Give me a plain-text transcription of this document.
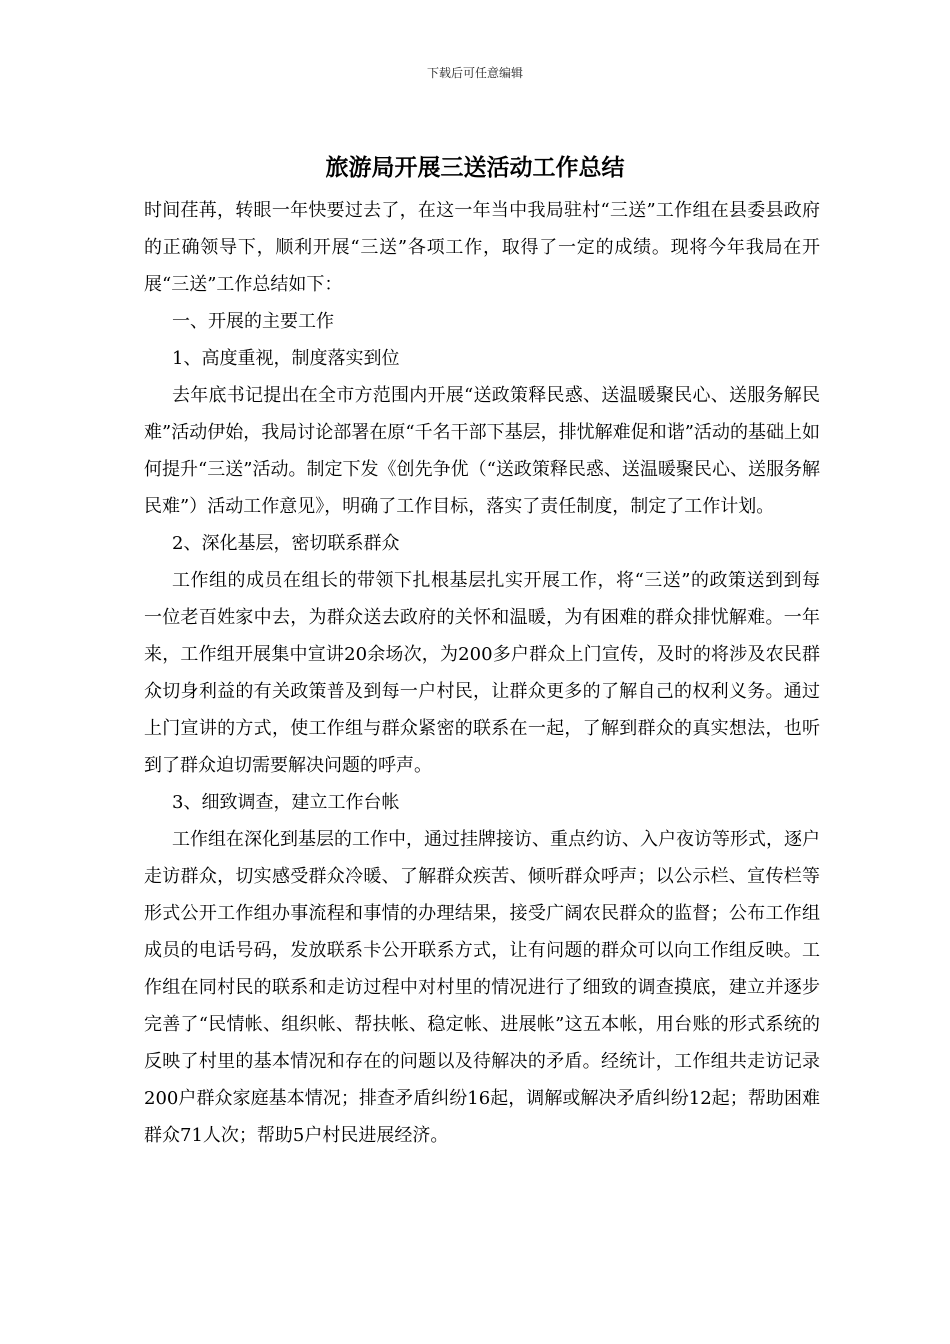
下载后可任意编辑
旅游局开展三送活动工作总结

时间荏苒，转眼一年快要过去了，在这一年当中我局驻村“三送”工作组在县委县政府的正确领导下，顺利开展“三送”各项工作，取得了一定的成绩。现将今年我局在开展“三送”工作总结如下：

一、开展的主要工作

1、高度重视，制度落实到位

去年底书记提出在全市方范围内开展“送政策释民惑、送温暖聚民心、送服务解民难”活动伊始，我局讨论部署在原“千名干部下基层，排忧解难促和谐”活动的基础上如何提升“三送”活动。制定下发《创先争优（“送政策释民惑、送温暖聚民心、送服务解民难”）活动工作意见》，明确了工作目标，落实了责任制度，制定了工作计划。

2、深化基层，密切联系群众

工作组的成员在组长的带领下扎根基层扎实开展工作，将“三送”的政策送到到每一位老百姓家中去，为群众送去政府的关怀和温暖，为有困难的群众排忧解难。一年来，工作组开展集中宣讲20余场次，为200多户群众上门宣传，及时的将涉及农民群众切身利益的有关政策普及到每一户村民，让群众更多的了解自己的权利义务。通过上门宣讲的方式，使工作组与群众紧密的联系在一起，了解到群众的真实想法，也听到了群众迫切需要解决问题的呼声。

3、细致调查，建立工作台帐

工作组在深化到基层的工作中，通过挂牌接访、重点约访、入户夜访等形式，逐户走访群众，切实感受群众冷暖、了解群众疾苦、倾听群众呼声；以公示栏、宣传栏等形式公开工作组办事流程和事情的办理结果，接受广阔农民群众的监督；公布工作组成员的电话号码，发放联系卡公开联系方式，让有问题的群众可以向工作组反映。工作组在同村民的联系和走访过程中对村里的情况进行了细致的调查摸底，建立并逐步完善了“民情帐、组织帐、帮扶帐、稳定帐、进展帐”这五本帐，用台账的形式系统的反映了村里的基本情况和存在的问题以及待解决的矛盾。经统计，工作组共走访记录200户群众家庭基本情况；排查矛盾纠纷16起，调解或解决矛盾纠纷12起；帮助困难群众71人次；帮助5户村民进展经济。
